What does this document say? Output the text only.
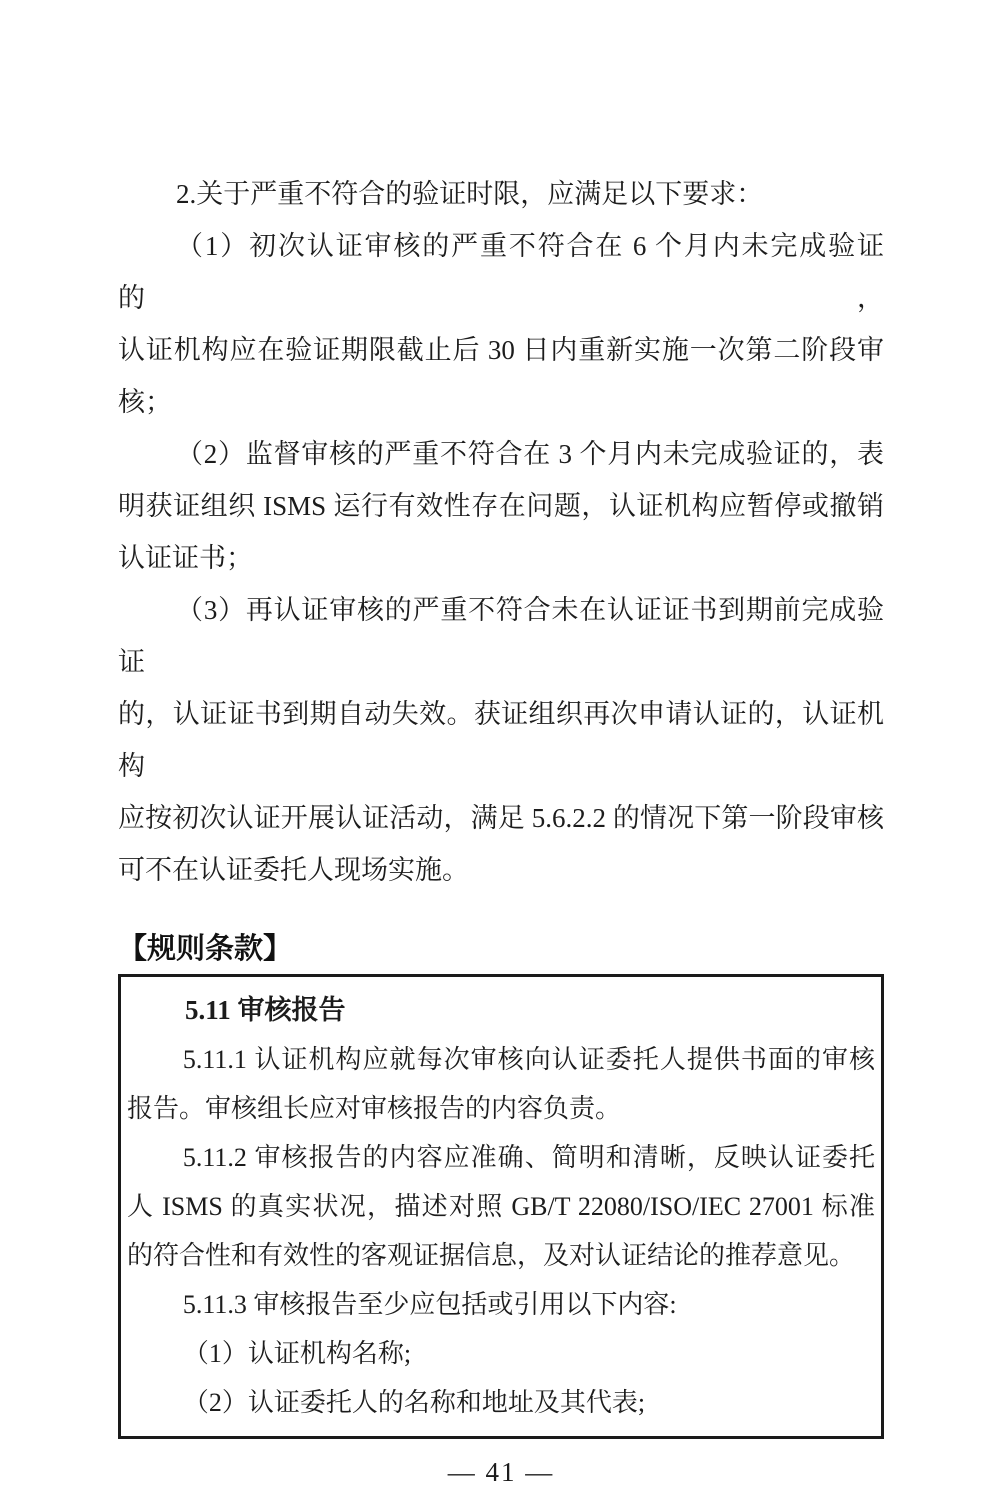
2.关于严重不符合的验证时限，应满足以下要求：
（1）初次认证审核的严重不符合在 6 个月内未完成验证的，
认证机构应在验证期限截止后 30 日内重新实施一次第二阶段审
核；
（2）监督审核的严重不符合在 3 个月内未完成验证的，表
明获证组织 ISMS 运行有效性存在问题，认证机构应暂停或撤销
认证证书；
（3）再认证审核的严重不符合未在认证证书到期前完成验证
的，认证证书到期自动失效。获证组织再次申请认证的，认证机构
应按初次认证开展认证活动，满足 5.6.2.2 的情况下第一阶段审核
可不在认证委托人现场实施。
【规则条款】
5.11 审核报告
5.11.1 认证机构应就每次审核向认证委托人提供书面的审核
报告。审核组长应对审核报告的内容负责。
5.11.2 审核报告的内容应准确、简明和清晰，反映认证委托
人 ISMS 的真实状况，描述对照 GB/T 22080/ISO/IEC 27001 标准
的符合性和有效性的客观证据信息，及对认证结论的推荐意见。
5.11.3 审核报告至少应包括或引用以下内容:
（1）认证机构名称;
（2）认证委托人的名称和地址及其代表;
— 41 —
